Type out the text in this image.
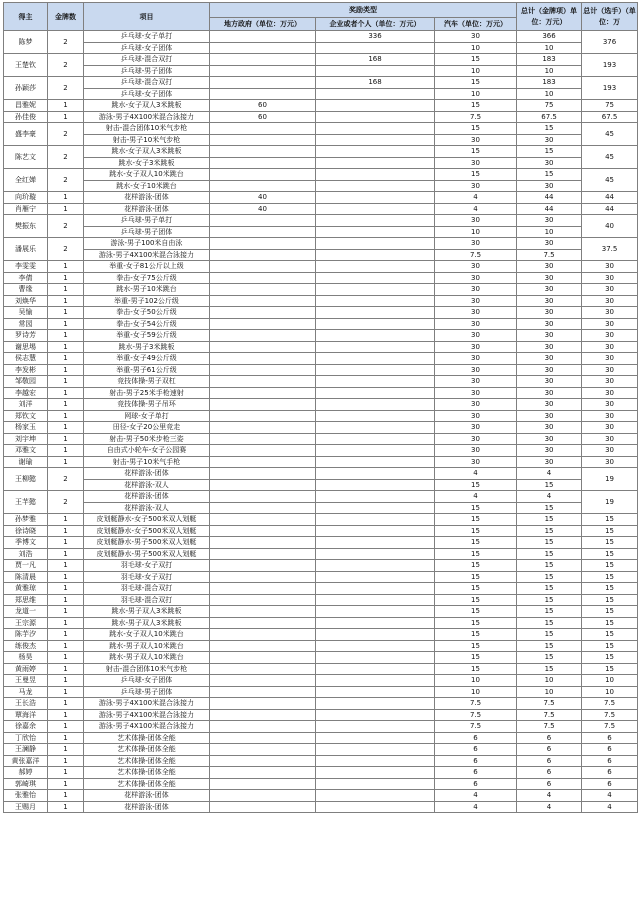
得主	金牌数	项目	奖励类型			总计（金牌项）单位：万元）	总计（选手）（单位：万
			地方政府（单位：万元）	企业或者个人（单位：万元）	汽车（单位：万元）		
陈梦	2	乒乓球-女子单打		336	30	366	376
		乒乓球-女子团体			10	10	
王楚钦	2	乒乓球-混合双打		168	15	183	193
		乒乓球-男子团体			10	10	
孙颖莎	2	乒乓球-混合双打		168	15	183	193
		乒乓球-女子团体			10	10	
昌雅妮	1	跳水-女子双人3米跳板	60		15	75	75
孙佳俊	1	游泳-男子4X100米混合泳接力	60		7.5	67.5	67.5
盛李豪	2	射击-混合团体10米气步枪			15	15	45
		射击-男子10米气步枪			30	30	
陈艺文	2	跳水-女子双人3米跳板			15	15	45
		跳水-女子3米跳板			30	30	
全红婵	2	跳水-女子双人10米跳台			15	15	45
		跳水-女子10米跳台			30	30	
向玠璇	1	花样游泳-团体	40		4	44	44
肖雁宁	1	花样游泳-团体	40		4	44	44
樊振东	2	乒乓球-男子单打			30	30	40
		乒乓球-男子团体			10	10	
潘展乐	2	游泳-男子100米自由泳			30	30	37.5
		游泳-男子4X100米混合泳接力			7.5	7.5	
李雯雯	1	举重-女子81公斤以上级			30	30	30
李倩	1	拳击-女子75公斤级			30	30	30
曹缘	1	跳水-男子10米跳台			30	30	30
刘焕华	1	举重-男子102公斤级			30	30	30
吴愉	1	拳击-女子50公斤级			30	30	30
常园	1	拳击-女子54公斤级			30	30	30
罗诗芳	1	举重-女子59公斤级			30	30	30
谢思埸	1	跳水-男子3米跳板			30	30	30
侯志慧	1	举重-女子49公斤级			30	30	30
李发彬	1	举重-男子61公斤级			30	30	30
邹敬园	1	竞技体操-男子双杠			30	30	30
李越宏	1	射击-男子25米手枪速射			30	30	30
刘洋	1	竞技体操-男子吊环			30	30	30
郑钦文	1	网球-女子单打			30	30	30
杨家玉	1	田径-女子20公里竞走			30	30	30
刘宇坤	1	射击-男子50米步枪三姿			30	30	30
邓雅文	1	自由式小轮车-女子公园赛			30	30	30
谢瑜	1	射击-男子10米气手枪			30	30	30
王柳懿	2	花样游泳-团体			4	4	19
		花样游泳-双人			15	15	
王芊懿	2	花样游泳-团体			4	4	19
		花样游泳-双人			15	15	
孙梦雅	1	皮划艇静水-女子500米双人划艇			15	15	15
徐诗晓	1	皮划艇静水-女子500米双人划艇			15	15	15
季博文	1	皮划艇静水-男子500米双人划艇			15	15	15
刘浩	1	皮划艇静水-男子500米双人划艇			15	15	15
贾一凡	1	羽毛球-女子双打			15	15	15
陈清晨	1	羽毛球-女子双打			15	15	15
黄雅琼	1	羽毛球-混合双打			15	15	15
郑思维	1	羽毛球-混合双打			15	15	15
龙道一	1	跳水-男子双人3米跳板			15	15	15
王宗源	1	跳水-男子双人3米跳板			15	15	15
陈芋汐	1	跳水-女子双人10米跳台			15	15	15
练俊杰	1	跳水-男子双人10米跳台			15	15	15
杨昊	1	跳水-男子双人10米跳台			15	15	15
黄雨婷	1	射击-混合团体10米气步枪			15	15	15
王曼昱	1	乒乓球-女子团体			10	10	10
马龙	1	乒乓球-男子团体			10	10	10
王长浩	1	游泳-男子4X100米混合泳接力			7.5	7.5	7.5
覃海洋	1	游泳-男子4X100米混合泳接力			7.5	7.5	7.5
徐嘉余	1	游泳-男子4X100米混合泳接力			7.5	7.5	7.5
丁欣怡	1	艺术体操-团体全能			6	6	6
王澜静	1	艺术体操-团体全能			6	6	6
黄张嘉洋	1	艺术体操-团体全能			6	6	6
郝婷	1	艺术体操-团体全能			6	6	6
郭崎琪	1	艺术体操-团体全能			6	6	6
张雅怡	1	花样游泳-团体			4	4	4
王赐月	1	花样游泳-团体			4	4	4
